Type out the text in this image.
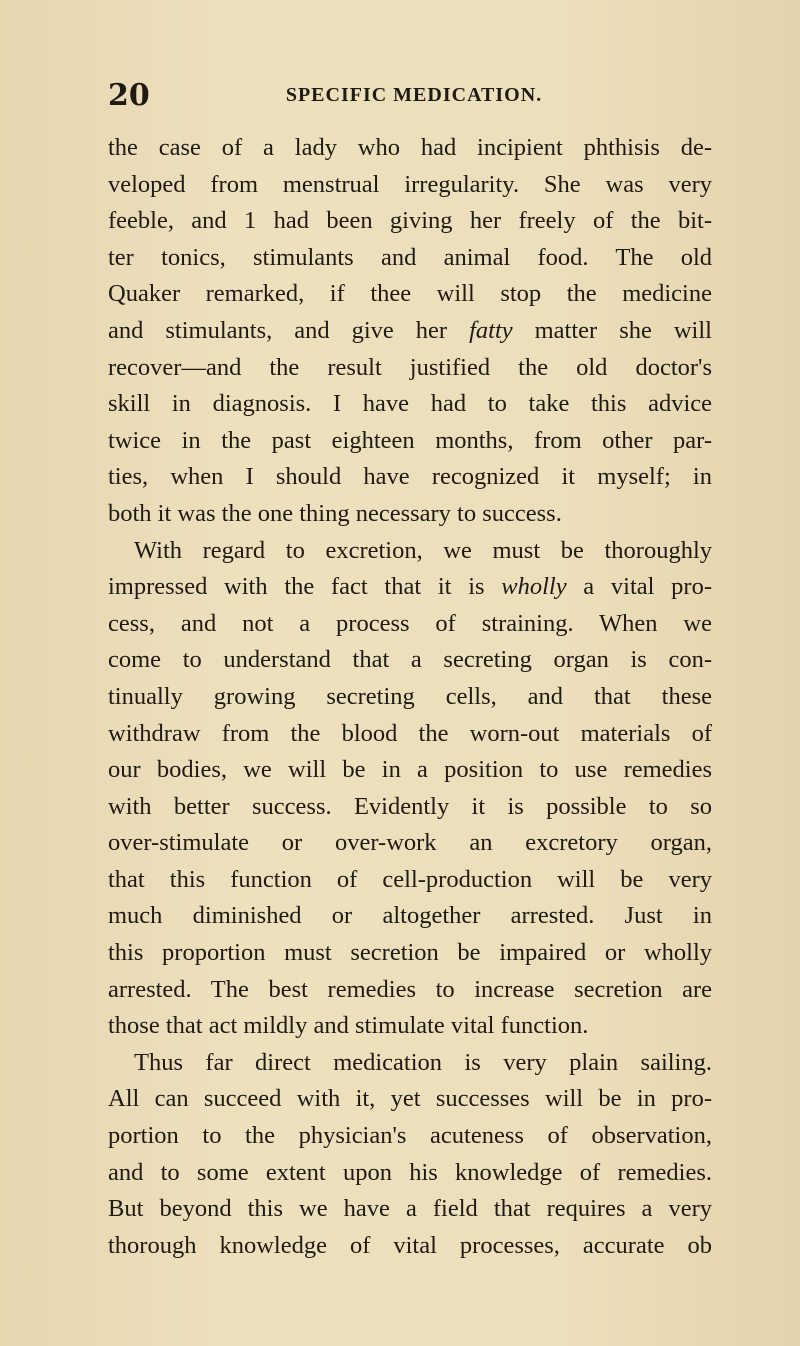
20	SPECIFIC MEDICATION.
the case of a lady who had incipient phthisis de-
veloped from menstrual irregularity. She was very
feeble, and 1 had been giving her freely of the bit-
ter tonics, stimulants and animal food. The old
Quaker remarked, if thee will stop the medicine
and stimulants, and give her fatty matter she will
recover—and the result justified the old doctor's
skill in diagnosis. I have had to take this advice
twice in the past eighteen months, from other par-
ties, when I should have recognized it myself; in
both it was the one thing necessary to success.
With regard to excretion, we must be thoroughly
impressed with the fact that it is wholly a vital pro-
cess, and not a process of straining. When we
come to understand that a secreting organ is con-
tinually growing secreting cells, and that these
withdraw from the blood the worn-out materials of
our bodies, we will be in a position to use remedies
with better success. Evidently it is possible to so
over-stimulate or over-work an excretory organ,
that this function of cell-production will be very
much diminished or altogether arrested. Just in
this proportion must secretion be impaired or wholly
arrested. The best remedies to increase secretion are
those that act mildly and stimulate vital function.
Thus far direct medication is very plain sailing.
All can succeed with it, yet successes will be in pro-
portion to the physician's acuteness of observation,
and to some extent upon his knowledge of remedies.
But beyond this we have a field that requires a very
thorough knowledge of vital processes, accurate ob
